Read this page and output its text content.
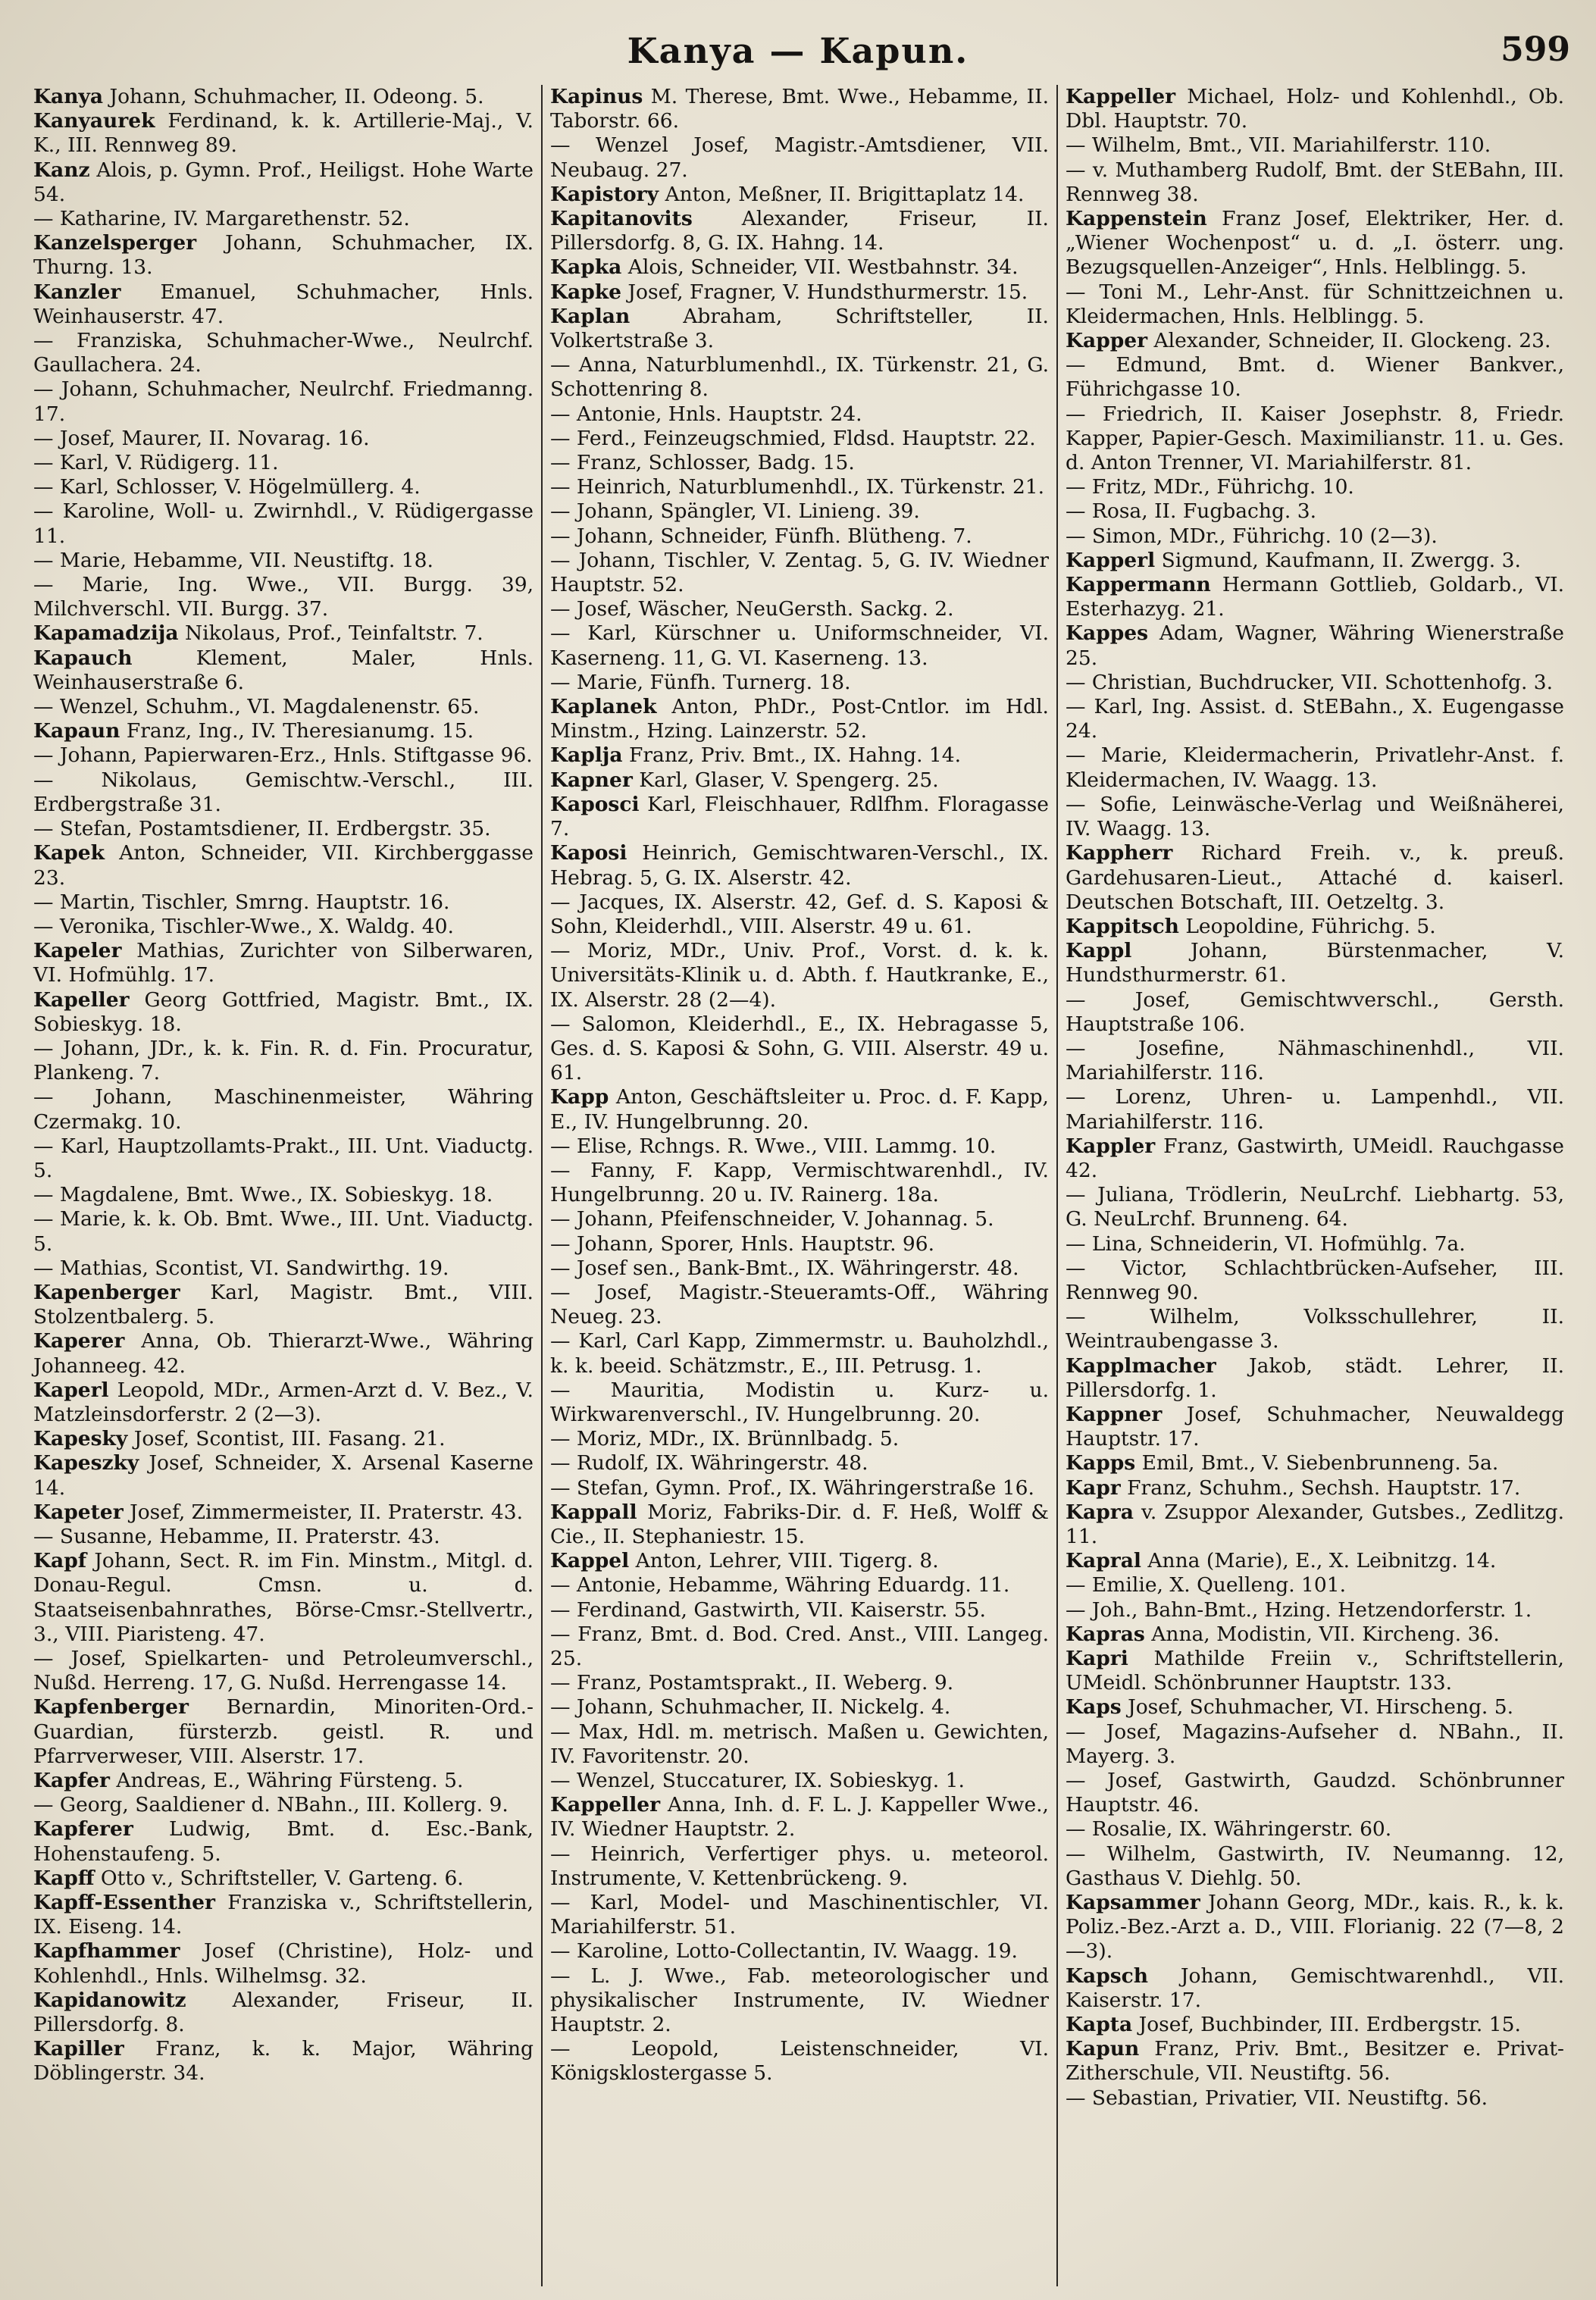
Kanya — Kapun.	599
Kanya Johann, Schuhmacher, II. Odeong. 5.
Kanyaurek Ferdinand, k. k. Artillerie-Maj., V. K., III. Rennweg 89.
Kanz Alois, p. Gymn. Prof., Heiligst. Hohe Warte 54.
— Katharine, IV. Margarethenstr. 52.
Kanzelsperger Johann, Schuhmacher, IX. Thurng. 13.
Kanzler Emanuel, Schuhmacher, Hnls. Weinhauserstr. 47.
— Franziska, Schuhmacher-Wwe., Neulrchf. Gaullachera. 24.
— Johann, Schuhmacher, Neulrchf. Friedmanng. 17.
— Josef, Maurer, II. Novarag. 16.
— Karl, V. Rüdigerg. 11.
— Karl, Schlosser, V. Högelmüllerg. 4.
— Karoline, Woll- u. Zwirnhdl., V. Rüdigergasse 11.
— Marie, Hebamme, VII. Neustiftg. 18.
— Marie, Ing. Wwe., VII. Burgg. 39, Milchverschl. VII. Burgg. 37.
Kapamadzija Nikolaus, Prof., Teinfaltstr. 7.
Kapauch	Klement, Maler, Hnls. Weinhauserstraße 6.
— Wenzel, Schuhm., VI. Magdalenenstr. 65.
Kapaun Franz, Ing., IV. Theresianumg. 15.
— Johann, Papierwaren-Erz., Hnls. Stiftgasse 96.
— Nikolaus, Gemischtw.-Verschl., III. Erdbergstraße 31.
— Stefan, Postamtsdiener, II. Erdbergstr. 35.
Kapek Anton, Schneider, VII. Kirchberggasse 23.
— Martin, Tischler, Smrng. Hauptstr. 16.
— Veronika, Tischler-Wwe., X. Waldg. 40.
Kapeler Mathias, Zurichter von Silberwaren, VI. Hofmühlg. 17.
Kapeller Georg Gottfried, Magistr. Bmt., IX. Sobieskyg. 18.
— Johann, JDr., k. k. Fin. R. d. Fin. Procuratur, Plankeng. 7.
— Johann, Maschinenmeister, Währing Czermakg. 10.
— Karl, Hauptzollamts-Prakt., III. Unt. Viaductg. 5.
— Magdalene, Bmt. Wwe., IX. Sobieskyg. 18.
— Marie, k. k. Ob. Bmt. Wwe., III. Unt. Viaductg. 5.
— Mathias, Scontist, VI. Sandwirthg. 19.
Kapenberger Karl, Magistr. Bmt., VIII. Stolzentbalerg. 5.
Kaperer Anna, Ob. Thierarzt-Wwe., Währing Johanneeg. 42.
Kaperl Leopold, MDr., Armen-Arzt d. V. Bez., V. Matzleinsdorferstr. 2 (2—3).
Kapesky Josef, Scontist, III. Fasang. 21.
Kapeszky Josef, Schneider, X. Arsenal Kaserne 14.
Kapeter Josef, Zimmermeister, II. Praterstr. 43.
— Susanne, Hebamme, II. Praterstr. 43.
Kapf Johann, Sect. R. im Fin. Minstm., Mitgl. d. Donau-Regul. Cmsn. u. d. Staatseisenbahnrathes, Börse-Cmsr.-Stellvertr., 3., VIII. Piaristeng. 47.
— Josef, Spielkarten- und Petroleumverschl., Nußd. Herreng. 17, G. Nußd. Herrengasse 14.
Kapfenberger Bernardin, Minoriten-Ord.-Guardian, fürsterzb. geistl. R. und Pfarrverweser, VIII. Alserstr. 17.
Kapfer Andreas, E., Währing Fürsteng. 5.
— Georg, Saaldiener d. NBahn., III. Kollerg. 9.
Kapferer Ludwig, Bmt. d. Esc.-Bank, Hohenstaufeng. 5.
Kapff Otto v., Schriftsteller, V. Garteng. 6.
Kapff-Essenther Franziska v., Schriftstellerin, IX. Eiseng. 14.
Kapfhammer Josef (Christine), Holz- und Kohlenhdl., Hnls. Wilhelmsg. 32.
Kapidanowitz Alexander, Friseur, II. Pillersdorfg. 8.
Kapiller Franz, k. k. Major, Währing Döblingerstr. 34.
Kapinus M. Therese, Bmt. Wwe., Hebamme, II. Taborstr. 66.
— Wenzel Josef, Magistr.-Amtsdiener, VII. Neubaug. 27.
Kapistory Anton, Meßner, II. Brigittaplatz 14.
Kapitanovits Alexander, Friseur, II. Pillersdorfg. 8, G. IX. Hahng. 14.
Kapka Alois, Schneider, VII. Westbahnstr. 34.
Kapke Josef, Fragner, V. Hundsthurmerstr. 15.
Kaplan	Abraham, Schriftsteller, II. Volkertstraße 3.
— Anna, Naturblumenhdl., IX. Türkenstr. 21, G. Schottenring 8.
— Antonie, Hnls. Hauptstr. 24.
— Ferd., Feinzeugschmied, Fldsd. Hauptstr. 22.
— Franz, Schlosser, Badg. 15.
— Heinrich, Naturblumenhdl., IX. Türkenstr. 21.
— Johann, Spängler, VI. Linieng. 39.
— Johann, Schneider, Fünfh. Blütheng. 7.
— Johann, Tischler, V. Zentag. 5, G. IV. Wiedner Hauptstr. 52.
— Josef, Wäscher, NeuGersth. Sackg. 2.
— Karl, Kürschner u. Uniformschneider, VI. Kaserneng. 11, G. VI. Kaserneng. 13.
— Marie, Fünfh. Turnerg. 18.
Kaplanek Anton, PhDr., Post-Cntlor. im Hdl. Minstm., Hzing. Lainzerstr. 52.
Kaplja Franz, Priv. Bmt., IX. Hahng. 14.
Kapner Karl, Glaser, V. Spengerg. 25.
Kaposci Karl, Fleischhauer, Rdlfhm. Floragasse 7.
Kaposi Heinrich, Gemischtwaren-Verschl., IX. Hebrag. 5, G. IX. Alserstr. 42.
— Jacques, IX. Alserstr. 42, Gef. d. S. Kaposi & Sohn, Kleiderhdl., VIII. Alserstr. 49 u. 61.
— Moriz, MDr., Univ. Prof., Vorst. d. k. k. Universitäts-Klinik u. d. Abth. f. Hautkranke, E., IX. Alserstr. 28 (2—4).
— Salomon, Kleiderhdl., E., IX. Hebragasse 5, Ges. d. S. Kaposi & Sohn, G. VIII. Alserstr. 49 u. 61.
Kapp Anton, Geschäftsleiter u. Proc. d. F. Kapp, E., IV. Hungelbrunng. 20.
— Elise, Rchngs. R. Wwe., VIII. Lammg. 10.
— Fanny, F. Kapp, Vermischtwarenhdl., IV. Hungelbrunng. 20 u. IV. Rainerg. 18a.
— Johann, Pfeifenschneider, V. Johannag. 5.
— Johann, Sporer, Hnls. Hauptstr. 96.
— Josef sen., Bank-Bmt., IX. Währingerstr. 48.
— Josef, Magistr.-Steueramts-Off., Währing Neueg. 23.
— Karl, Carl Kapp, Zimmermstr. u. Bauholzhdl., k. k. beeid. Schätzmstr., E., III. Petrusg. 1.
— Mauritia, Modistin u. Kurz- u. Wirkwarenverschl., IV. Hungelbrunng. 20.
— Moriz, MDr., IX. Brünnlbadg. 5.
— Rudolf, IX. Währingerstr. 48.
— Stefan, Gymn. Prof., IX. Währingerstraße 16.
Kappall Moriz, Fabriks-Dir. d. F. Heß, Wolff & Cie., II. Stephaniestr. 15.
Kappel Anton, Lehrer, VIII. Tigerg. 8.
— Antonie, Hebamme, Währing Eduardg. 11.
— Ferdinand, Gastwirth, VII. Kaiserstr. 55.
— Franz, Bmt. d. Bod. Cred. Anst., VIII. Langeg. 25.
— Franz, Postamtsprakt., II. Weberg. 9.
— Johann, Schuhmacher, II. Nickelg. 4.
— Max, Hdl. m. metrisch. Maßen u. Gewichten, IV. Favoritenstr. 20.
— Wenzel, Stuccaturer, IX. Sobieskyg. 1.
Kappeller Anna, Inh. d. F. L. J. Kappeller Wwe., IV. Wiedner Hauptstr. 2.
— Heinrich, Verfertiger phys. u. meteorol. Instrumente, V. Kettenbrückeng. 9.
— Karl, Model- und Maschinentischler, VI. Mariahilferstr. 51.
— Karoline, Lotto-Collectantin, IV. Waagg. 19.
— L. J. Wwe., Fab. meteorologischer und physikalischer Instrumente, IV. Wiedner Hauptstr. 2.
— Leopold, Leistenschneider, VI. Königsklostergasse 5.
Kappeller Michael, Holz- und Kohlenhdl., Ob. Dbl. Hauptstr. 70.
— Wilhelm, Bmt., VII. Mariahilferstr. 110.
— v. Muthamberg Rudolf, Bmt. der StEBahn, III. Rennweg 38.
Kappenstein Franz Josef, Elektriker, Her. d. „Wiener Wochenpost“ u. d. „I. österr. ung. Bezugsquellen-Anzeiger“, Hnls. Helblingg. 5.
— Toni M., Lehr-Anst. für Schnittzeichnen u. Kleidermachen, Hnls. Helblingg. 5.
Kapper Alexander, Schneider, II. Glockeng. 23.
— Edmund, Bmt. d. Wiener Bankver., Führichgasse 10.
— Friedrich, II. Kaiser Josephstr. 8, Friedr. Kapper, Papier-Gesch. Maximilianstr. 11. u. Ges. d. Anton Trenner, VI. Mariahilferstr. 81.
— Fritz, MDr., Führichg. 10.
— Rosa, II. Fugbachg. 3.
— Simon, MDr., Führichg. 10 (2—3).
Kapperl Sigmund, Kaufmann, II. Zwergg. 3.
Kappermann Hermann Gottlieb, Goldarb., VI. Esterhazyg. 21.
Kappes Adam, Wagner, Währing Wienerstraße 25.
— Christian, Buchdrucker, VII. Schottenhofg. 3.
— Karl, Ing. Assist. d. StEBahn., X. Eugengasse 24.
— Marie, Kleidermacherin, Privatlehr-Anst. f. Kleidermachen, IV. Waagg. 13.
— Sofie, Leinwäsche-Verlag und Weißnäherei, IV. Waagg. 13.
Kappherr Richard Freih. v., k. preuß. Gardehusaren-Lieut., Attaché d. kaiserl. Deutschen Botschaft, III. Oetzeltg. 3.
Kappitsch Leopoldine, Führichg. 5.
Kappl	Johann, Bürstenmacher, V. Hundsthurmerstr. 61.
— Josef, Gemischtwverschl., Gersth. Hauptstraße 106.
— Josefine, Nähmaschinenhdl., VII. Mariahilferstr. 116.
— Lorenz, Uhren- u. Lampenhdl., VII. Mariahilferstr. 116.
Kappler Franz, Gastwirth, UMeidl. Rauchgasse 42.
— Juliana, Trödlerin, NeuLrchf. Liebhartg. 53, G. NeuLrchf. Brunneng. 64.
— Lina, Schneiderin, VI. Hofmühlg. 7a.
— Victor, Schlachtbrücken-Aufseher, III. Rennweg 90.
— Wilhelm, Volksschullehrer, II. Weintraubengasse 3.
Kapplmacher Jakob, städt. Lehrer, II. Pillersdorfg. 1.
Kappner Josef, Schuhmacher, Neuwaldegg Hauptstr. 17.
Kapps Emil, Bmt., V. Siebenbrunneng. 5a.
Kapr Franz, Schuhm., Sechsh. Hauptstr. 17.
Kapra v. Zsuppor Alexander, Gutsbes., Zedlitzg. 11.
Kapral Anna (Marie), E., X. Leibnitzg. 14.
— Emilie, X. Quelleng. 101.
— Joh., Bahn-Bmt., Hzing. Hetzendorferstr. 1.
Kapras Anna, Modistin, VII. Kircheng. 36.
Kapri Mathilde Freiin v., Schriftstellerin, UMeidl. Schönbrunner Hauptstr. 133.
Kaps Josef, Schuhmacher, VI. Hirscheng. 5.
— Josef, Magazins-Aufseher d. NBahn., II. Mayerg. 3.
— Josef, Gastwirth, Gaudzd. Schönbrunner Hauptstr. 46.
— Rosalie, IX. Währingerstr. 60.
— Wilhelm, Gastwirth, IV. Neumanng. 12, Gasthaus V. Diehlg. 50.
Kapsammer Johann Georg, MDr., kais. R., k. k. Poliz.-Bez.-Arzt a. D., VIII. Florianig. 22 (7—8, 2—3).
Kapsch Johann, Gemischtwarenhdl., VII. Kaiserstr. 17.
Kapta Josef, Buchbinder, III. Erdbergstr. 15.
Kapun Franz, Priv. Bmt., Besitzer e. Privat-Zitherschule, VII. Neustiftg. 56.
— Sebastian, Privatier, VII. Neustiftg. 56.
